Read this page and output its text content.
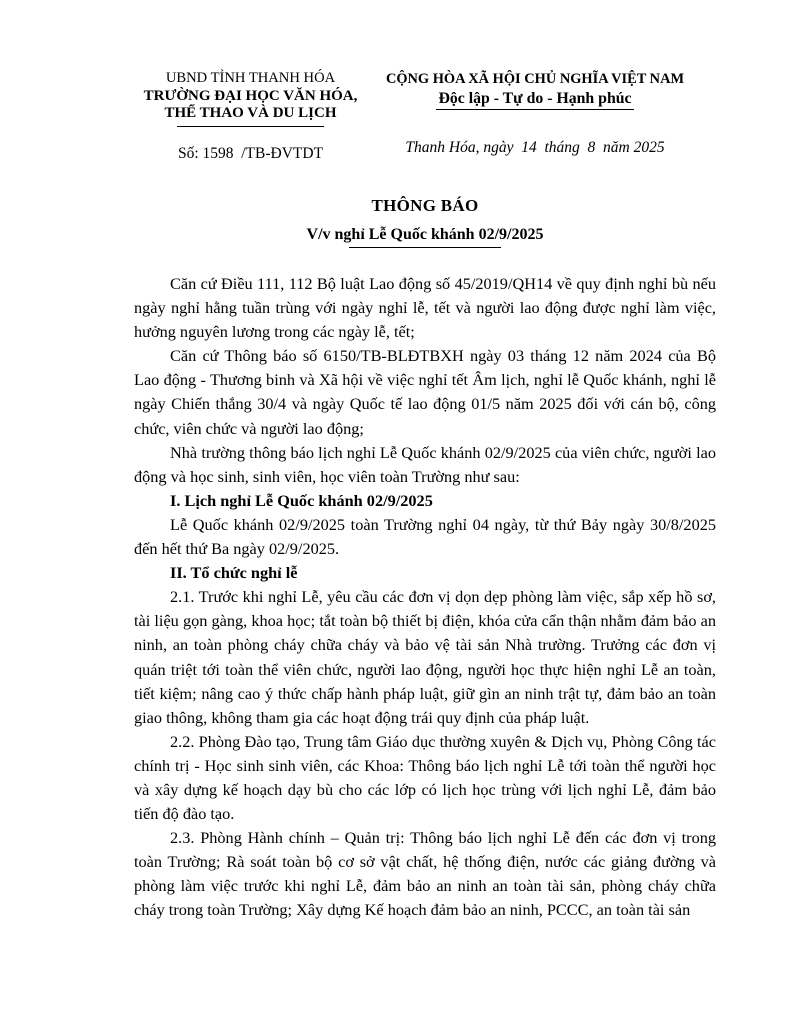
UBND TỈNH THANH HÓA
TRƯỜNG ĐẠI HỌC VĂN HÓA,
THỂ THAO VÀ DU LỊCH
Số: 1598  /TB-ĐVTDT
CỘNG HÒA XÃ HỘI CHỦ NGHĨA VIỆT NAM
Độc lập - Tự do - Hạnh phúc
Thanh Hóa, ngày  14  tháng  8  năm 2025
THÔNG BÁO
V/v nghỉ Lễ Quốc khánh 02/9/2025

Căn cứ Điều 111, 112 Bộ luật Lao động số 45/2019/QH14 về quy định nghỉ bù nếu ngày nghỉ hằng tuần trùng với ngày nghỉ lễ, tết và người lao động được nghỉ làm việc, hưởng nguyên lương trong các ngày lễ, tết;

Căn cứ Thông báo số 6150/TB-BLĐTBXH ngày 03 tháng 12 năm 2024 của Bộ Lao động - Thương binh và Xã hội về việc nghỉ tết Âm lịch, nghỉ lễ Quốc khánh, nghỉ lễ ngày Chiến thắng 30/4 và ngày Quốc tế lao động 01/5 năm 2025 đối với cán bộ, công chức, viên chức và người lao động;

Nhà trường thông báo lịch nghỉ Lễ Quốc khánh 02/9/2025 của viên chức, người lao động và học sinh, sinh viên, học viên toàn Trường như sau:

I. Lịch nghỉ Lễ Quốc khánh 02/9/2025

Lễ Quốc khánh 02/9/2025 toàn Trường nghỉ 04 ngày, từ thứ Bảy ngày 30/8/2025 đến hết thứ Ba ngày 02/9/2025.

II. Tổ chức nghỉ lễ

2.1. Trước khi nghỉ Lễ, yêu cầu các đơn vị dọn dẹp phòng làm việc, sắp xếp hồ sơ, tài liệu gọn gàng, khoa học; tắt toàn bộ thiết bị điện, khóa cửa cẩn thận nhằm đảm bảo an ninh, an toàn phòng cháy chữa cháy và bảo vệ tài sản Nhà trường. Trưởng các đơn vị quán triệt tới toàn thể viên chức, người lao động, người học thực hiện nghỉ Lễ an toàn, tiết kiệm; nâng cao ý thức chấp hành pháp luật, giữ gìn an ninh trật tự, đảm bảo an toàn giao thông, không tham gia các hoạt động trái quy định của pháp luật.

2.2. Phòng Đào tạo, Trung tâm Giáo dục thường xuyên & Dịch vụ, Phòng Công tác chính trị - Học sinh sinh viên, các Khoa: Thông báo lịch nghỉ Lễ tới toàn thể người học và xây dựng kế hoạch dạy bù cho các lớp có lịch học trùng với lịch nghỉ Lễ, đảm bảo tiến độ đào tạo.

2.3. Phòng Hành chính – Quản trị: Thông báo lịch nghỉ Lễ đến các đơn vị trong toàn Trường; Rà soát toàn bộ cơ sở vật chất, hệ thống điện, nước các giảng đường và phòng làm việc trước khi nghỉ Lễ, đảm bảo an ninh an toàn tài sản, phòng cháy chữa cháy trong toàn Trường; Xây dựng Kế hoạch đảm bảo an ninh, PCCC, an toàn tài sản
